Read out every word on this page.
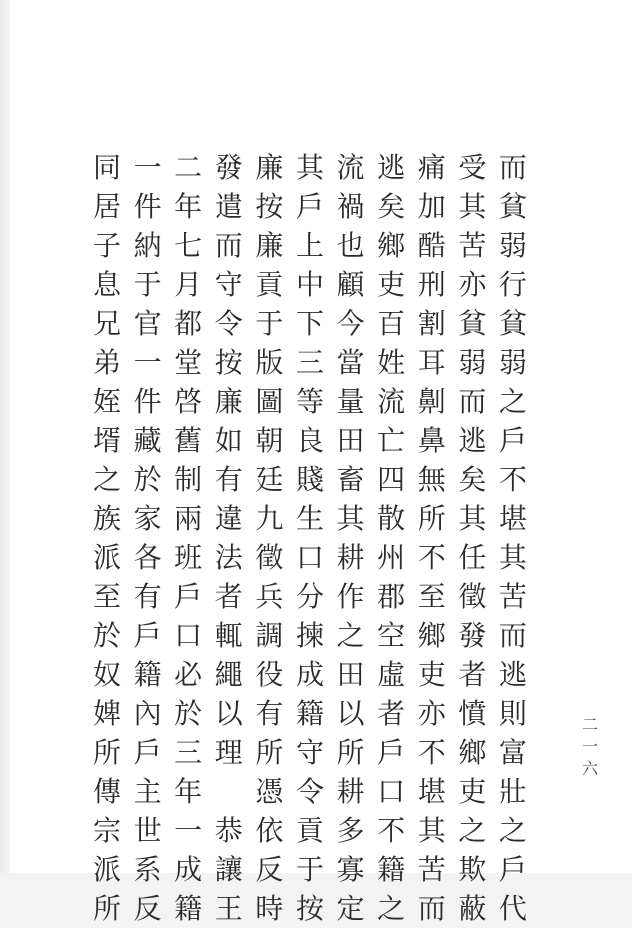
而
貧
弱
行
貧
弱
之
戶
不
堪
其
苦
而
逃
則
富
壯
之
戶
代
受
其
苦
亦
貧
弱
而
逃
矣
其
任
徵
發
者
憤
鄉
吏
之
欺
蔽
痛
加
酷
刑
割
耳
劓
鼻
無
所
不
至
鄉
吏
亦
不
堪
其
苦
而
逃
矣
鄉
吏
百
姓
流
亡
四
散
州
郡
空
虛
者
戶
口
不
籍
之
流
禍
也
顧
今
當
量
田
畜
其
耕
作
之
田
以
所
耕
多
寡
定
其
戶
上
中
下
三
等
良
賤
生
口
分
揀
成
籍
守
令
貢
于
按
廉
按
廉
貢
于
版
圖
朝
廷
九
徵
兵
調
役
有
所
憑
依
反
時
發
遣
而
守
令
按
廉
如
有
違
法
者
輒
繩
以
理

恭
讓
王
二
年
七
月
都
堂
啓
舊
制
兩
班
戶
口
必
於
三
年
一
成
籍
一
件
納
于
官
一
件
藏
於
家
各
有
戶
籍
內
戶
主
世
系
反
同
居
子
息
兄
弟
姪
壻
之
族
派
至
於
奴
婢
所
傳
宗
派
所
二
一
六
